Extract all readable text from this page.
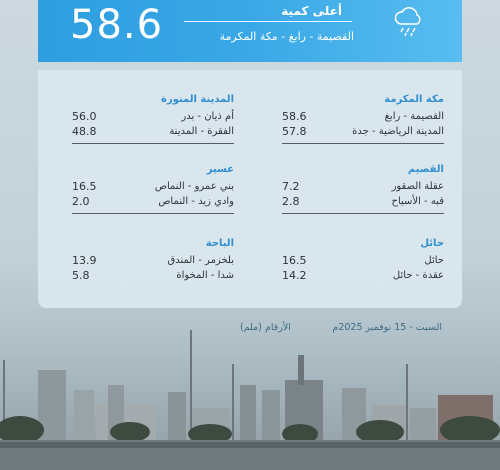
58.6	أعلى كمية
القصيمة - رابغ - مكة المكرمة
مكة المكرمة
القصيمة - رابغ
58.6
المدينة الرياضية - جدة
57.8
المدينة المنورة
أم ذيان - بدر
56.0
الفقرة - المدينة
48.8
القصيم
عقلة الصقور
7.2
قبه - الأسياح
2.8
عسير
بني عمرو - النماص
16.5
وادي زيد - النماص
2.0
حائل
حائل
16.5
عقدة - حائل
14.2
الباحة
بلخزمر - المندق
13.9
شدا - المخواة
5.8
السبت - 15 نوفمبر 2025م
الأرقام (ملم)
